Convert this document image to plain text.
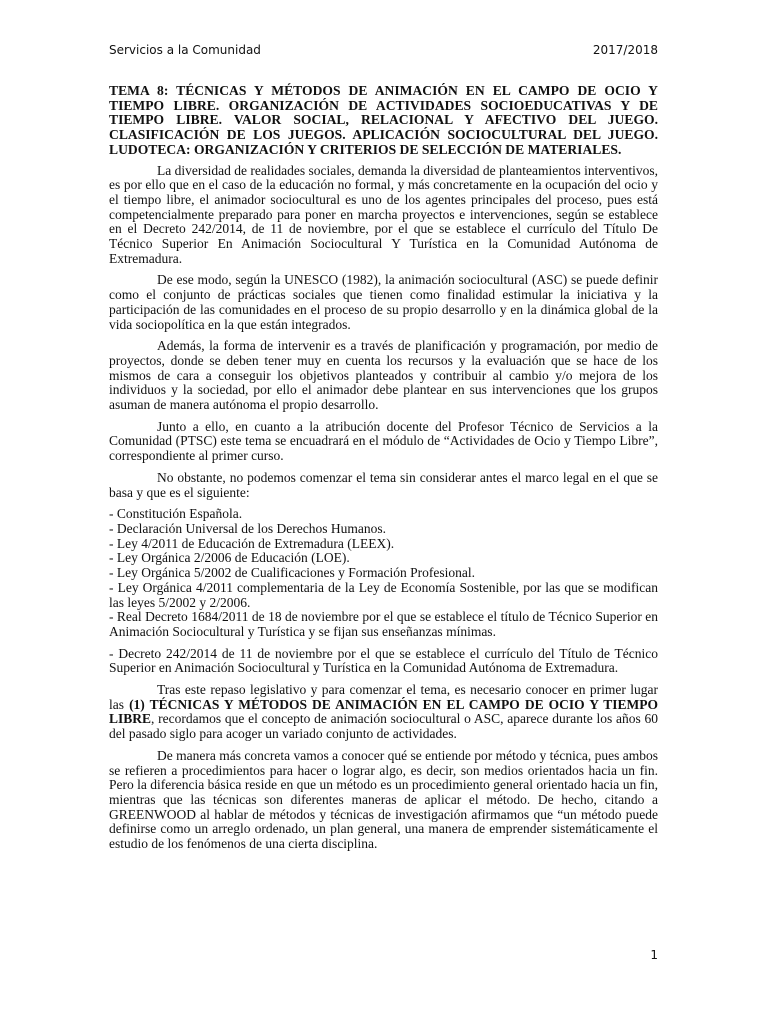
Servicios a la Comunidad	2017/2018
TEMA 8: TÉCNICAS Y MÉTODOS DE ANIMACIÓN EN EL CAMPO DE OCIO Y TIEMPO LIBRE. ORGANIZACIÓN DE ACTIVIDADES SOCIOEDUCATIVAS Y DE TIEMPO LIBRE. VALOR SOCIAL, RELACIONAL Y AFECTIVO DEL JUEGO. CLASIFICACIÓN DE LOS JUEGOS. APLICACIÓN SOCIOCULTURAL DEL JUEGO. LUDOTECA: ORGANIZACIÓN Y CRITERIOS DE SELECCIÓN DE MATERIALES.

La diversidad de realidades sociales, demanda la diversidad de planteamientos interventivos, es por ello que en el caso de la educación no formal, y más concretamente en la ocupación del ocio y el tiempo libre, el animador sociocultural es uno de los agentes principales del proceso, pues está competencialmente preparado para poner en marcha proyectos e intervenciones, según se establece en el Decreto 242/2014, de 11 de noviembre, por el que se establece el currículo del Título De Técnico Superior En Animación Sociocultural Y Turística en la Comunidad Autónoma de Extremadura.

De ese modo, según la UNESCO (1982), la animación sociocultural (ASC) se puede definir como el conjunto de prácticas sociales que tienen como finalidad estimular la iniciativa y la participación de las comunidades en el proceso de su propio desarrollo y en la dinámica global de la vida sociopolítica en la que están integrados.

Además, la forma de intervenir es a través de planificación y programación, por medio de proyectos, donde se deben tener muy en cuenta los recursos y la evaluación que se hace de los mismos de cara a conseguir los objetivos planteados y contribuir al cambio y/o mejora de los individuos y la sociedad, por ello el animador debe plantear en sus intervenciones que los grupos asuman de manera autónoma el propio desarrollo.

Junto a ello, en cuanto a la atribución docente del Profesor Técnico de Servicios a la Comunidad (PTSC) este tema se encuadrará en el módulo de “Actividades de Ocio y Tiempo Libre”, correspondiente al primer curso.

No obstante, no podemos comenzar el tema sin considerar antes el marco legal en el que se basa y que es el siguiente:

- Constitución Española.
- Declaración Universal de los Derechos Humanos.
- Ley 4/2011 de Educación de Extremadura (LEEX).
- Ley Orgánica 2/2006 de Educación (LOE).
- Ley Orgánica 5/2002 de Cualificaciones y Formación Profesional.
- Ley Orgánica 4/2011 complementaria de la Ley de Economía Sostenible, por las que se modifican las leyes 5/2002 y 2/2006.
- Real Decreto 1684/2011 de 18 de noviembre por el que se establece el título de Técnico Superior en Animación Sociocultural y Turística y se fijan sus enseñanzas mínimas.

- Decreto 242/2014 de 11 de noviembre por el que se establece el currículo del Título de Técnico Superior en Animación Sociocultural y Turística en la Comunidad Autónoma de Extremadura.

Tras este repaso legislativo y para comenzar el tema, es necesario conocer en primer lugar las (1) TÉCNICAS Y MÉTODOS DE ANIMACIÓN EN EL CAMPO DE OCIO Y TIEMPO LIBRE, recordamos que el concepto de animación sociocultural o ASC, aparece durante los años 60 del pasado siglo para acoger un variado conjunto de actividades.

De manera más concreta vamos a conocer qué se entiende por método y técnica, pues ambos se refieren a procedimientos para hacer o lograr algo, es decir, son medios orientados hacia un fin. Pero la diferencia básica reside en que un método es un procedimiento general orientado hacia un fin, mientras que las técnicas son diferentes maneras de aplicar el método. De hecho, citando a GREENWOOD al hablar de métodos y técnicas de investigación afirmamos que “un método puede definirse como un arreglo ordenado, un plan general, una manera de emprender sistemáticamente el estudio de los fenómenos de una cierta disciplina.

1
